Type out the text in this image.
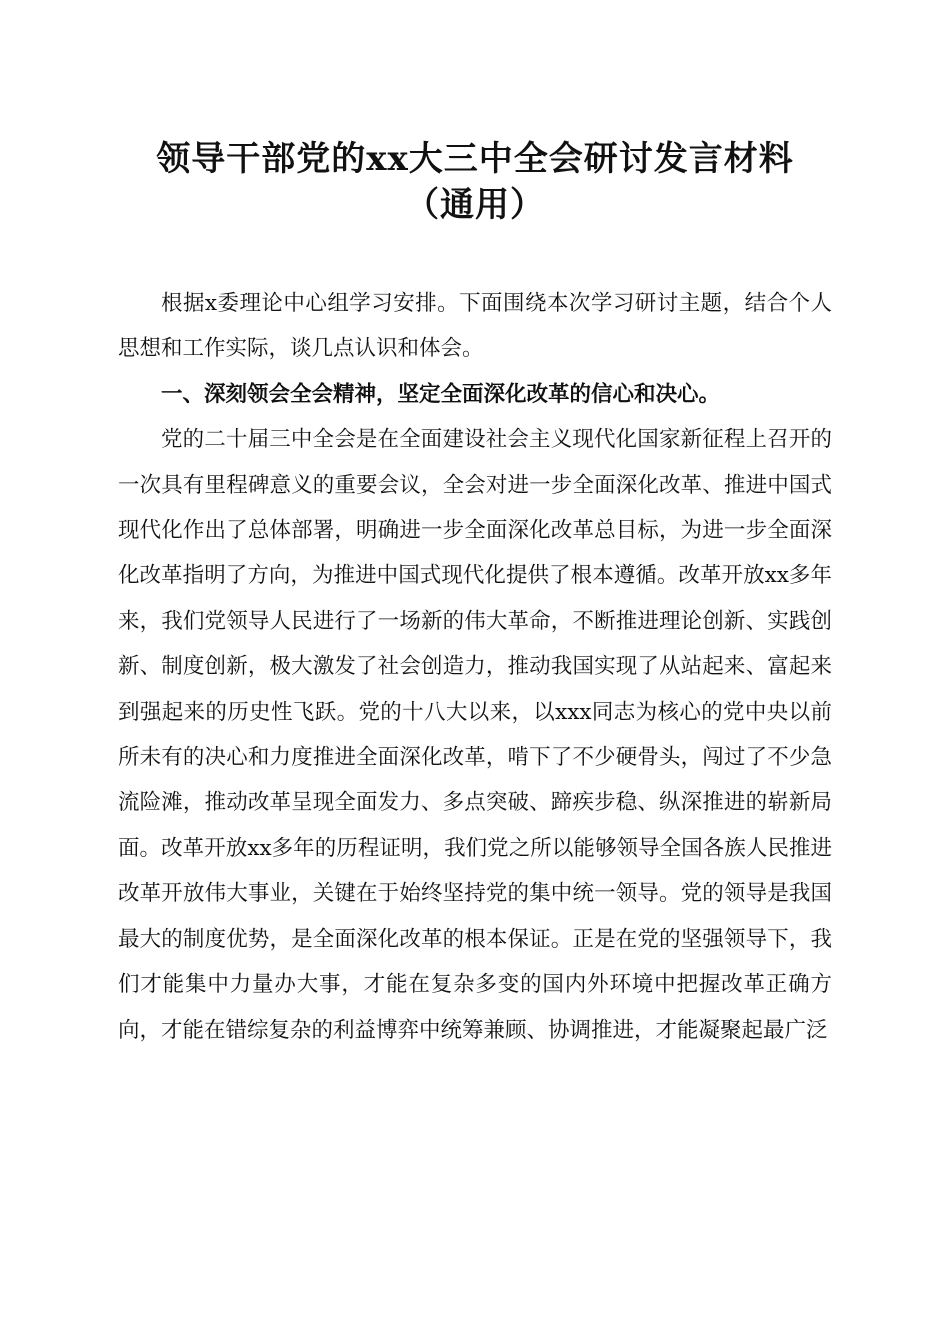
领导干部党的xx大三中全会研讨发言材料
（通用）

根据x委理论中心组学习安排。下面围绕本次学习研讨主题，结合个人思想和工作实际，谈几点认识和体会。

一、深刻领会全会精神，坚定全面深化改革的信心和决心。

党的二十届三中全会是在全面建设社会主义现代化国家新征程上召开的一次具有里程碑意义的重要会议，全会对进一步全面深化改革、推进中国式现代化作出了总体部署，明确进一步全面深化改革总目标，为进一步全面深化改革指明了方向，为推进中国式现代化提供了根本遵循。改革开放xx多年来，我们党领导人民进行了一场新的伟大革命，不断推进理论创新、实践创新、制度创新，极大激发了社会创造力，推动我国实现了从站起来、富起来到强起来的历史性飞跃。党的十八大以来，以xxx同志为核心的党中央以前所未有的决心和力度推进全面深化改革，啃下了不少硬骨头，闯过了不少急流险滩，推动改革呈现全面发力、多点突破、蹄疾步稳、纵深推进的崭新局面。改革开放xx多年的历程证明，我们党之所以能够领导全国各族人民推进改革开放伟大事业，关键在于始终坚持党的集中统一领导。党的领导是我国最大的制度优势，是全面深化改革的根本保证。正是在党的坚强领导下，我们才能集中力量办大事，才能在复杂多变的国内外环境中把握改革正确方向，才能在错综复杂的利益博弈中统筹兼顾、协调推进，才能凝聚起最广泛
